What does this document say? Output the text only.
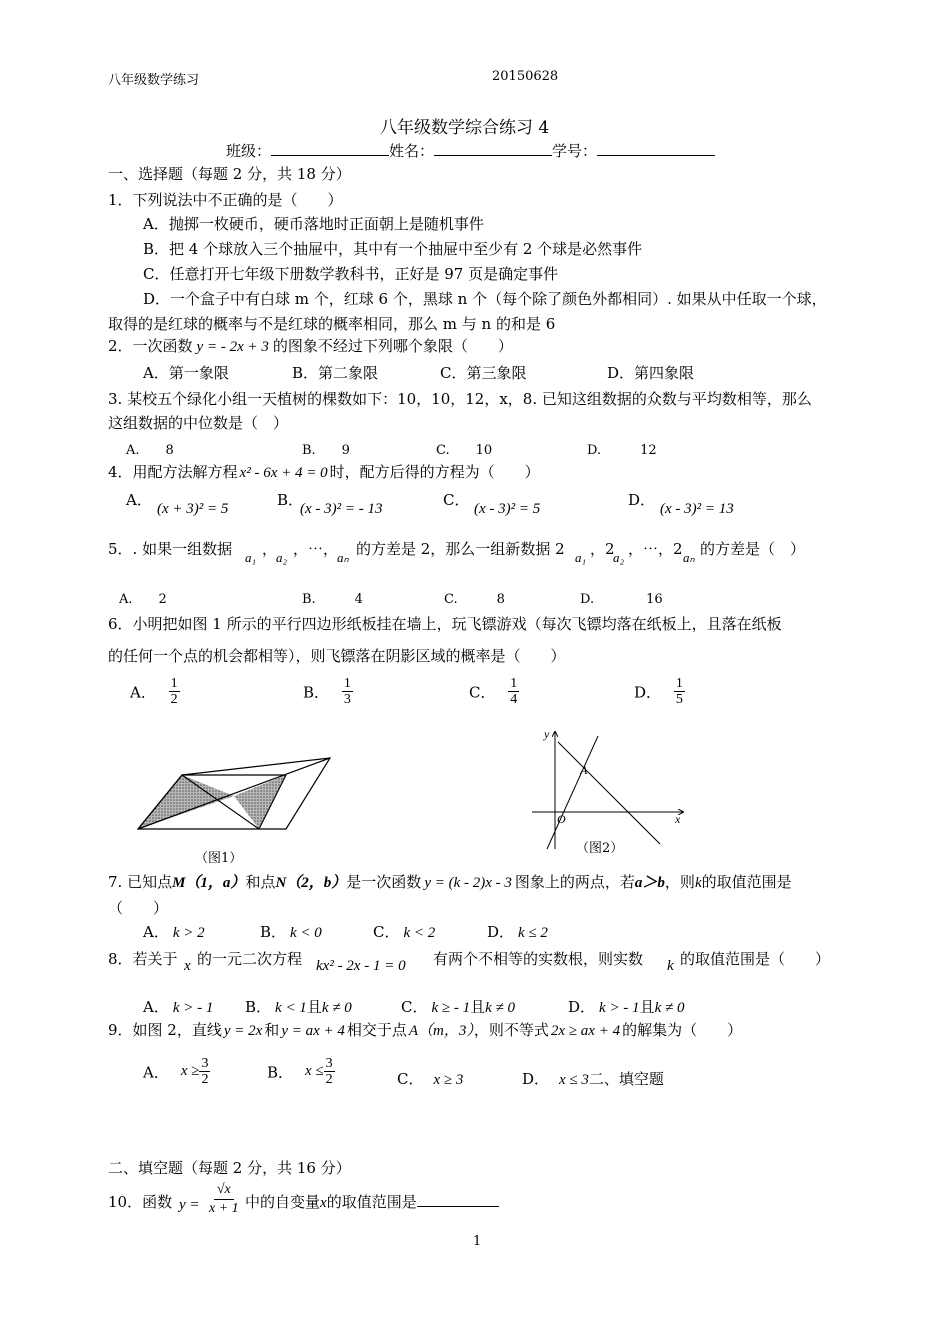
八年级数学练习	20150628
八年级数学综合练习 4
班级：	姓名：	学号：
一、选择题（每题 2 分，共 18 分）
1．下列说法中不正确的是（　　）
A．抛掷一枚硬币，硬币落地时正面朝上是随机事件
B．把 4 个球放入三个抽屉中，其中有一个抽屉中至少有 2 个球是必然事件
C．任意打开七年级下册数学教科书，正好是 97 页是确定事件
D．一个盒子中有白球 m 个，红球 6 个，黑球 n 个（每个除了颜色外都相同）. 如果从中任取一个球，
取得的是红球的概率与不是红球的概率相同，那么 m 与 n 的和是 6
2．一次函数 y = - 2x + 3 的图象不经过下列哪个象限（　　）
A．第一象限	B．第二象限	C．第三象限	D．第四象限
3. 某校五个绿化小组一天植树的棵数如下：10，10，12，x，8. 已知这组数据的众数与平均数相等，那么
这组数据的中位数是（　）
A.　　8	B.　　9	C.　　10	D.　　　12
4．用配方法解方程 x² - 6x + 4 = 0 时，配方后得的方程为（　　）
A． (x + 3)² = 5	B．
(x - 3)² = - 13	C． (x - 3)² = 5	D． (x - 3)² = 13
5．. 如果一组数据 a₁ ，
a₂ ，⋯，
aₙ 的方差是 2，那么一组新数据 2 a₁ ，2
a₂ ，⋯，2 aₙ 的方差是（　）
A.　　2	B.　　　4	C.　　　8	D.　　　　16
6．小明把如图 1 所示的平行四边形纸板挂在墙上，玩飞镖游戏（每次飞镖均落在纸板上，且落在纸板
的任何一个点的机会都相等），则飞镖落在阴影区域的概率是（　　）
A． $\frac{1}{2}$	B． $\frac{1}{3}$	C． $\frac{1}{4}$	D． $\frac{1}{5}$
（图1）
y
x
O
A
（图2）
7. 已知点M（1，a）和点N（2，b）是一次函数 y = (k - 2)x - 3 图象上的两点，若a＞b，则k的取值范围是
（　　）
A． k > 2	B． k < 0	C． k < 2	D． k ≤ 2
8．若关于 x 的一元二次方程 kx² - 2x - 1 = 0 有两个不相等的实数根，则实数 k 的取值范围是（　　）
A． k > - 1 B． k < 1且k ≠ 0	C． k ≥ - 1且k ≠ 0	D． k > - 1且k ≠ 0
9．如图 2，直线 y = 2x 和 y = ax + 4 相交于点 A（m，3），则不等式 2x ≥ ax + 4 的解集为（　　）
A． $x \ge \frac{3}{2}$	B． $x \le \frac{3}{2}$	C． x ≥ 3	D． x ≤ 3二、填空题
二、填空题（每题 2 分，共 16 分）
10．函数 $y = \frac{√x}{x + 1}$ 中的自变量x的取值范围是
1
